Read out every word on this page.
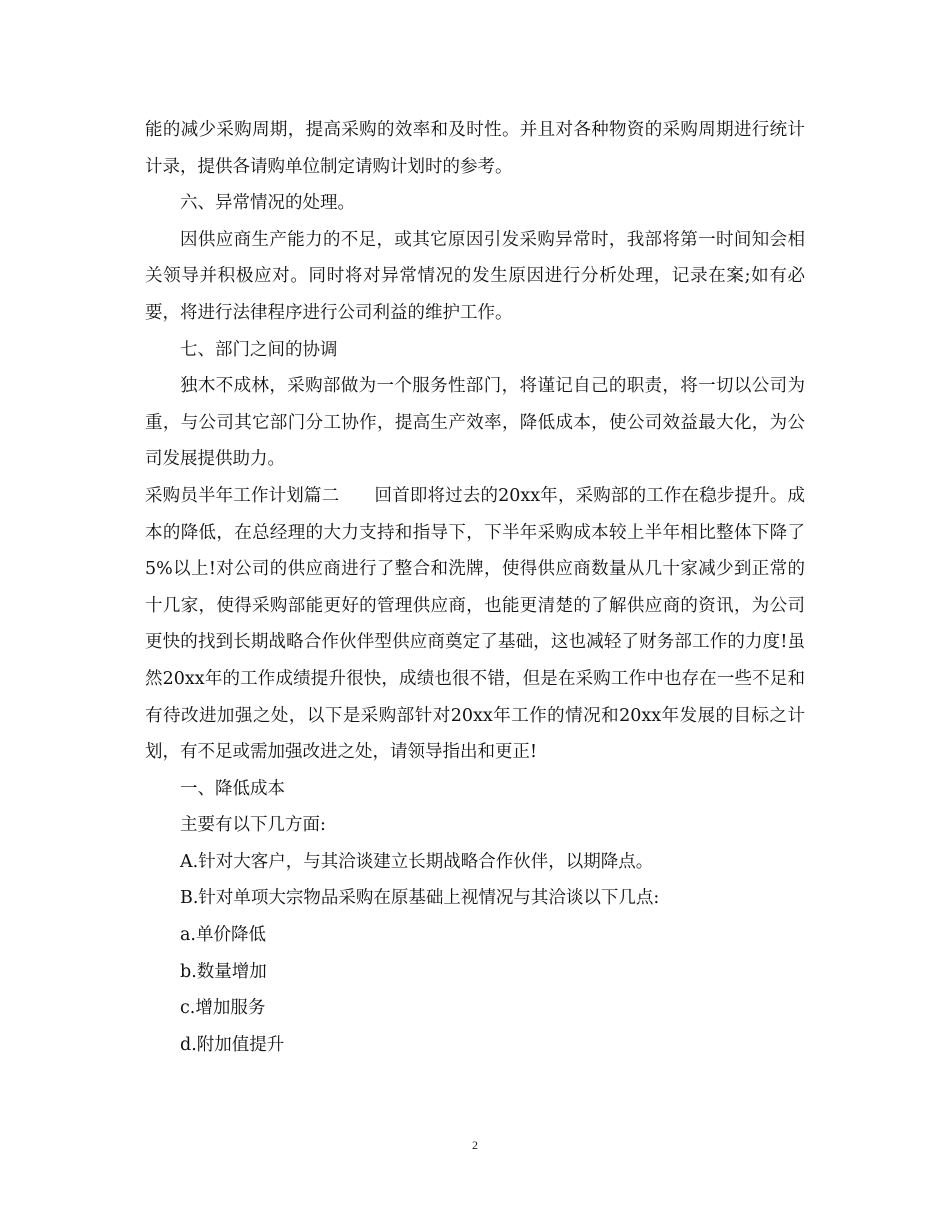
能的减少采购周期，提高采购的效率和及时性。并且对各种物资的采购周期进行统计计录，提供各请购单位制定请购计划时的参考。

六、异常情况的处理。

因供应商生产能力的不足，或其它原因引发采购异常时，我部将第一时间知会相关领导并积极应对。同时将对异常情况的发生原因进行分析处理，记录在案;如有必要，将进行法律程序进行公司利益的维护工作。

七、部门之间的协调

独木不成林，采购部做为一个服务性部门，将谨记自己的职责，将一切以公司为重，与公司其它部门分工协作，提高生产效率，降低成本，使公司效益最大化，为公司发展提供助力。

采购员半年工作计划篇二　　回首即将过去的20xx年，采购部的工作在稳步提升。成本的降低，在总经理的大力支持和指导下，下半年采购成本较上半年相比整体下降了5%以上!对公司的供应商进行了整合和洗牌，使得供应商数量从几十家减少到正常的十几家，使得采购部能更好的管理供应商，也能更清楚的了解供应商的资讯，为公司更快的找到长期战略合作伙伴型供应商奠定了基础，这也减轻了财务部工作的力度!虽然20xx年的工作成绩提升很快，成绩也很不错，但是在采购工作中也存在一些不足和有待改进加强之处，以下是采购部针对20xx年工作的情况和20xx年发展的目标之计划，有不足或需加强改进之处，请领导指出和更正!

一、降低成本

主要有以下几方面:

A.针对大客户，与其洽谈建立长期战略合作伙伴，以期降点。

B.针对单项大宗物品采购在原基础上视情况与其洽谈以下几点:

a.单价降低

b.数量增加

c.增加服务

d.附加值提升

2
